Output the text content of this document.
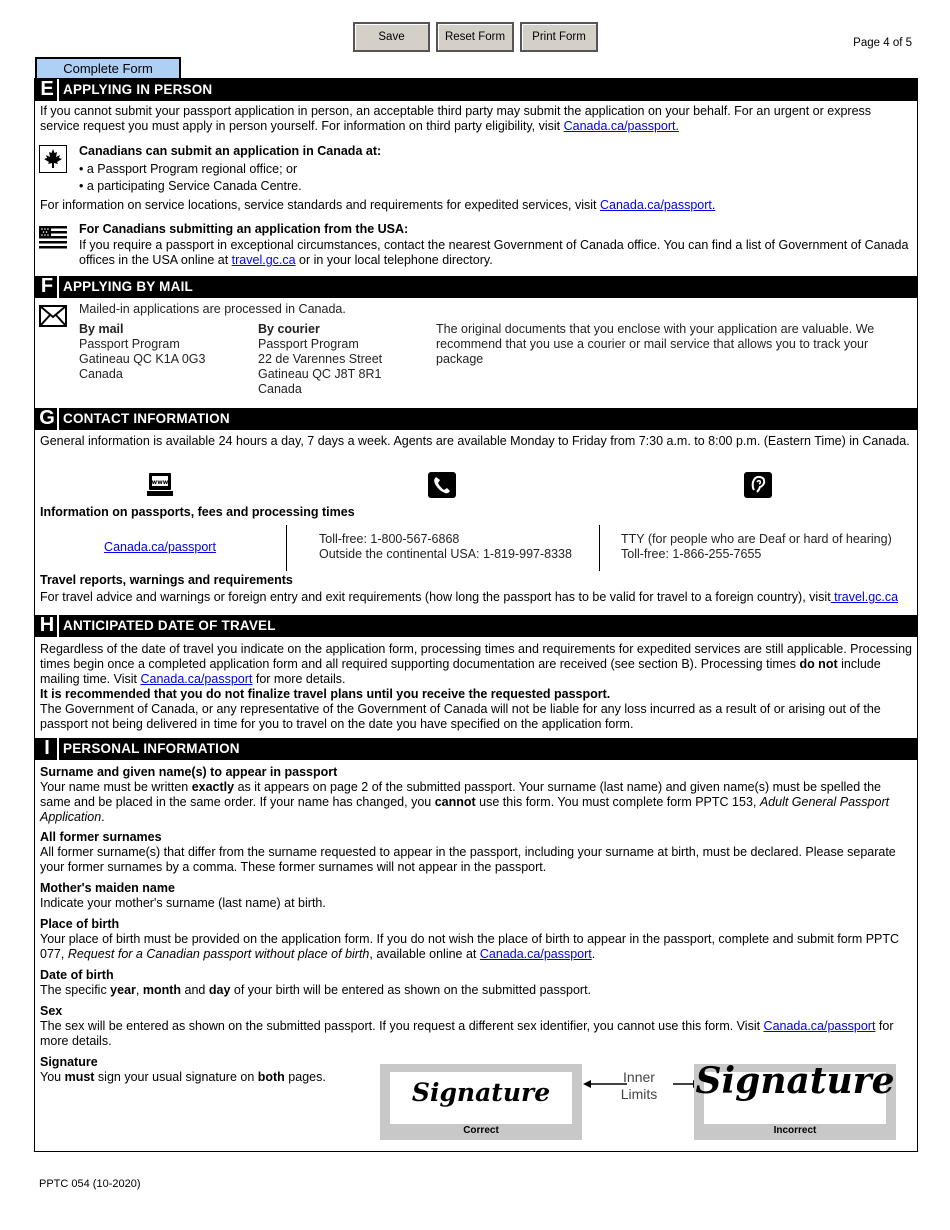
Save	Reset Form	Print Form	Page 4 of 5
Complete Form
E APPLYING IN PERSON
If you cannot submit your passport application in person, an acceptable third party may submit the application on your behalf. For an urgent or express service request you must apply in person yourself. For information on third party eligibility, visit Canada.ca/passport.
Canadians can submit an application in Canada at:
• a Passport Program regional office; or
• a participating Service Canada Centre.
For information on service locations, service standards and requirements for expedited services, visit Canada.ca/passport.
For Canadians submitting an application from the USA:
If you require a passport in exceptional circumstances, contact the nearest Government of Canada office. You can find a list of Government of Canada offices in the USA online at travel.gc.ca or in your local telephone directory.
F APPLYING BY MAIL
Mailed-in applications are processed in Canada.
By mail
Passport Program
Gatineau QC K1A 0G3
Canada
By courier
Passport Program
22 de Varennes Street
Gatineau QC J8T 8R1
Canada
The original documents that you enclose with your application are valuable. We recommend that you use a courier or mail service that allows you to track your package
G CONTACT INFORMATION
General information is available 24 hours a day, 7 days a week. Agents are available Monday to Friday from 7:30 a.m. to 8:00 p.m. (Eastern Time) in Canada.
www
Information on passports, fees and processing times
Canada.ca/passport
Toll-free: 1-800-567-6868
Outside the continental USA: 1-819-997-8338
TTY (for people who are Deaf or hard of hearing)
Toll-free: 1-866-255-7655
Travel reports, warnings and requirements
For travel advice and warnings or foreign entry and exit requirements (how long the passport has to be valid for travel to a foreign country), visit travel.gc.ca
H ANTICIPATED DATE OF TRAVEL
Regardless of the date of travel you indicate on the application form, processing times and requirements for expedited services are still applicable. Processing times begin once a completed application form and all required supporting documentation are received (see section B). Processing times do not include mailing time. Visit Canada.ca/passport for more details.
It is recommended that you do not finalize travel plans until you receive the requested passport.
The Government of Canada, or any representative of the Government of Canada will not be liable for any loss incurred as a result of or arising out of the passport not being delivered in time for you to travel on the date you have specified on the application form.
I PERSONAL INFORMATION
Surname and given name(s) to appear in passport
Your name must be written exactly as it appears on page 2 of the submitted passport. Your surname (last name) and given name(s) must be spelled the same and be placed in the same order. If your name has changed, you cannot use this form. You must complete form PPTC 153, Adult General Passport Application.
All former surnames
All former surname(s) that differ from the surname requested to appear in the passport, including your surname at birth, must be declared. Please separate your former surnames by a comma. These former surnames will not appear in the passport.
Mother's maiden name
Indicate your mother's surname (last name) at birth.
Place of birth
Your place of birth must be provided on the application form. If you do not wish the place of birth to appear in the passport, complete and submit form PPTC 077, Request for a Canadian passport without place of birth, available online at Canada.ca/passport.
Date of birth
The specific year, month and day of your birth will be entered as shown on the submitted passport.
Sex
The sex will be entered as shown on the submitted passport. If you request a different sex identifier, you cannot use this form. Visit Canada.ca/passport for more details.
Signature
You must sign your usual signature on both pages.
Signature
Correct
Inner
Limits Signature
Incorrect
PPTC 054 (10-2020)
